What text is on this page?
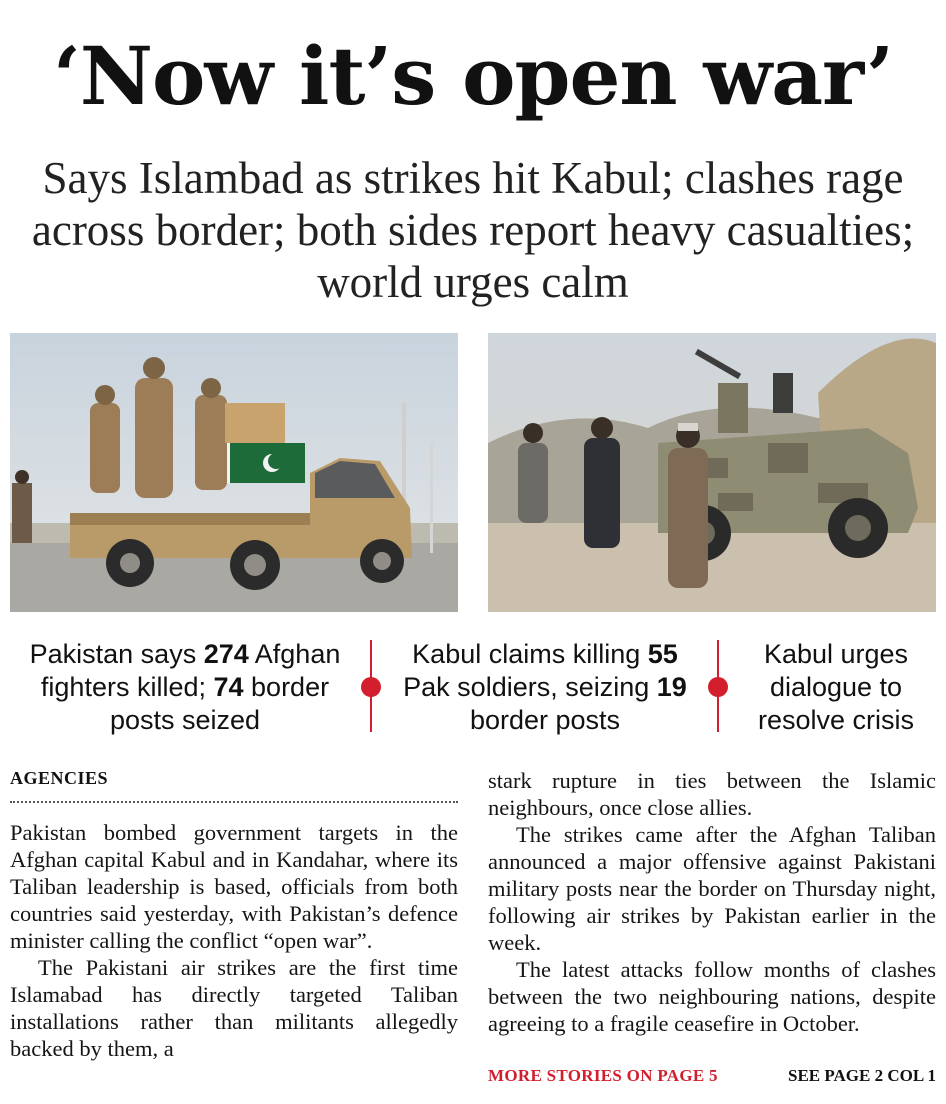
‘Now it’s open war’

Says Islambad as strikes hit Kabul; clashes rage across border; both sides report heavy casualties; world urges calm

Pakistan says 274 Afghan fighters killed; 74 border posts seized
Kabul claims killing 55 Pak soldiers, seizing 19 border posts
Kabul urges dialogue to resolve crisis
AGENCIES

Pakistan bombed government targets in the Afghan capital Kabul and in Kandahar, where its Taliban leadership is based, officials from both countries said yesterday, with Pakistan’s defence minister calling the conflict “open war”.

The Pakistani air strikes are the first time Islamabad has directly targeted Taliban installations rather than militants allegedly backed by them, a

stark rupture in ties between the Islamic neighbours, once close allies.

The strikes came after the Afghan Taliban announced a major offensive against Pakistani military posts near the border on Thursday night, following air strikes by Pakistan earlier in the week.

The latest attacks follow months of clashes between the two neighbouring nations, despite agreeing to a fragile ceasefire in October.

MORE STORIES ON PAGE 5	SEE PAGE 2 COL 1
